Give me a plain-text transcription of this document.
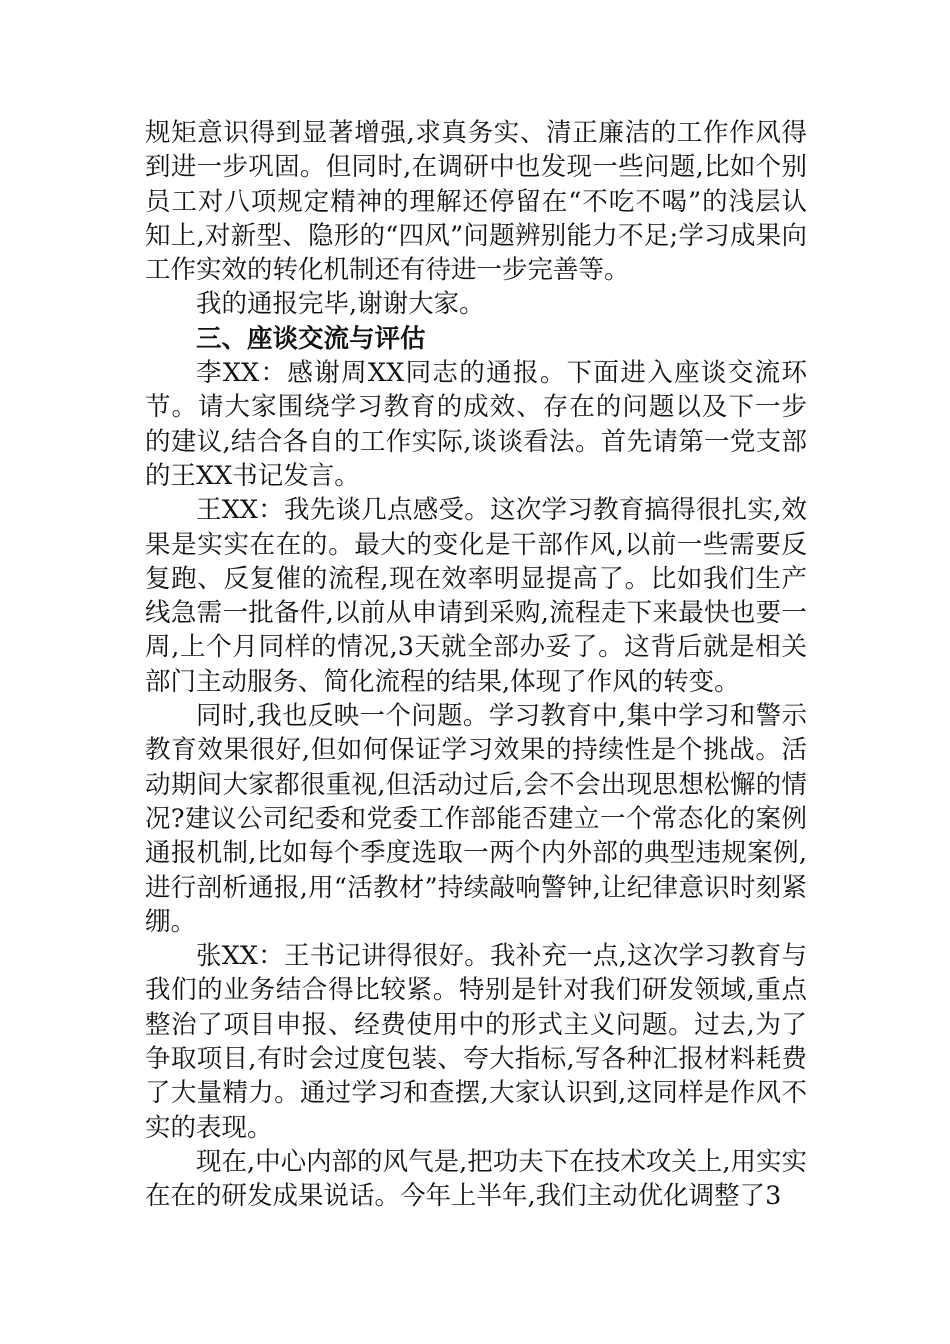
规矩意识得到显著增强,求真务实、清正廉洁的工作作风得到进一步巩固。但同时,在调研中也发现一些问题,比如个别员工对八项规定精神的理解还停留在“不吃不喝”的浅层认知上,对新型、隐形的“四风”问题辨别能力不足;学习成果向工作实效的转化机制还有待进一步完善等。

我的通报完毕,谢谢大家。

三、座谈交流与评估

李XX：感谢周XX同志的通报。下面进入座谈交流环节。请大家围绕学习教育的成效、存在的问题以及下一步的建议,结合各自的工作实际,谈谈看法。首先请第一党支部的王XX书记发言。

王XX：我先谈几点感受。这次学习教育搞得很扎实,效果是实实在在的。最大的变化是干部作风,以前一些需要反复跑、反复催的流程,现在效率明显提高了。比如我们生产线急需一批备件,以前从申请到采购,流程走下来最快也要一周,上个月同样的情况,3天就全部办妥了。这背后就是相关部门主动服务、简化流程的结果,体现了作风的转变。

同时,我也反映一个问题。学习教育中,集中学习和警示教育效果很好,但如何保证学习效果的持续性是个挑战。活动期间大家都很重视,但活动过后,会不会出现思想松懈的情况?建议公司纪委和党委工作部能否建立一个常态化的案例通报机制,比如每个季度选取一两个内外部的典型违规案例,进行剖析通报,用“活教材”持续敲响警钟,让纪律意识时刻紧绷。

张XX：王书记讲得很好。我补充一点,这次学习教育与我们的业务结合得比较紧。特别是针对我们研发领域,重点整治了项目申报、经费使用中的形式主义问题。过去,为了争取项目,有时会过度包装、夸大指标,写各种汇报材料耗费了大量精力。通过学习和查摆,大家认识到,这同样是作风不实的表现。

现在,中心内部的风气是,把功夫下在技术攻关上,用实实在在的研发成果说话。今年上半年,我们主动优化调整了3
